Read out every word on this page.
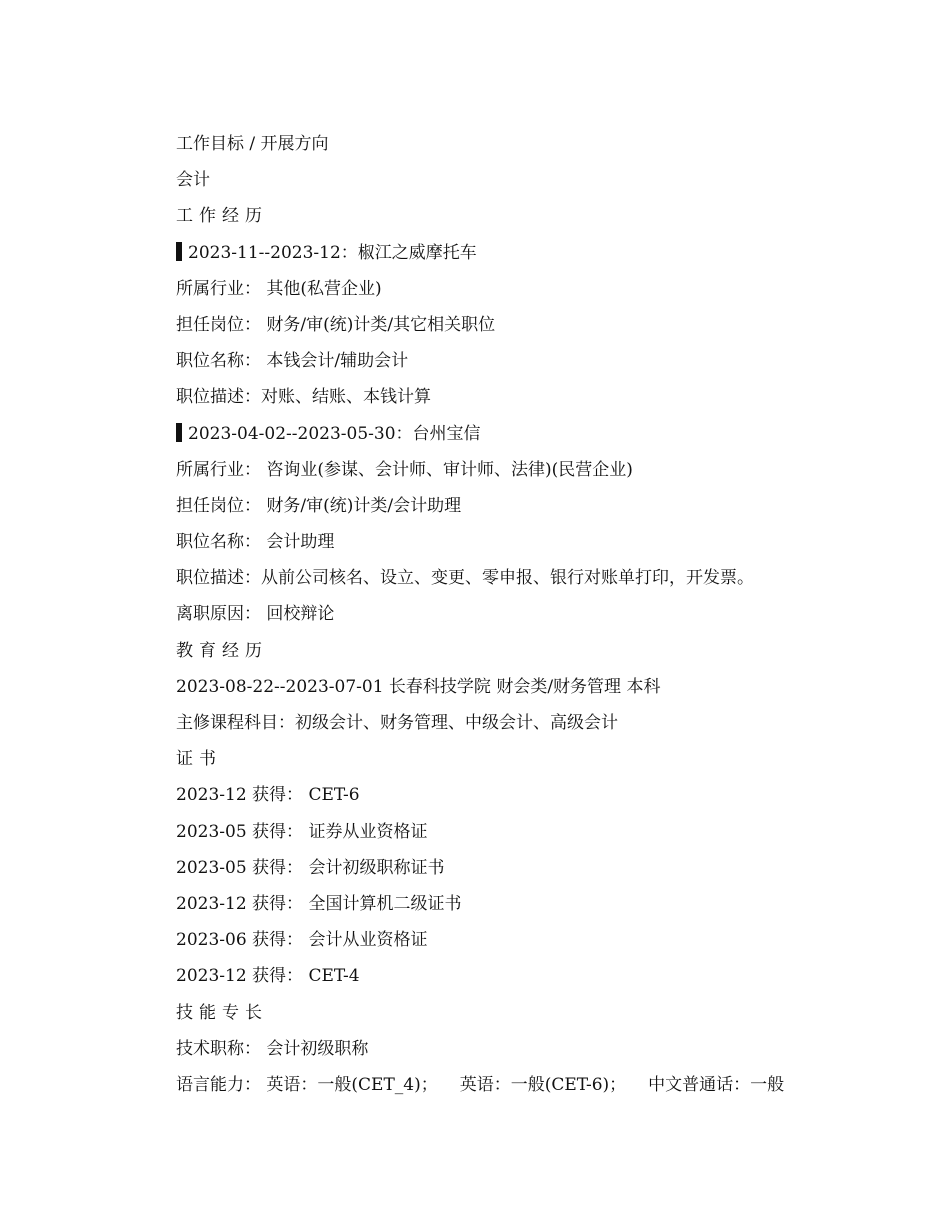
工作目标 / 开展方向
会计
工作经历
2023-11--2023-12：椒江之威摩托车
所属行业： 其他(私营企业)
担任岗位： 财务/审(统)计类/其它相关职位
职位名称： 本钱会计/辅助会计
职位描述：对账、结账、本钱计算
2023-04-02--2023-05-30：台州宝信
所属行业： 咨询业(参谋、会计师、审计师、法律)(民营企业)
担任岗位： 财务/审(统)计类/会计助理
职位名称： 会计助理
职位描述：从前公司核名、设立、变更、零申报、银行对账单打印，开发票。
离职原因： 回校辩论
教育经历
2023-08-22--2023-07-01 长春科技学院 财会类/财务管理 本科
主修课程科目：初级会计、财务管理、中级会计、高级会计
证书
2023-12 获得： CET-6
2023-05 获得： 证券从业资格证
2023-05 获得： 会计初级职称证书
2023-12 获得： 全国计算机二级证书
2023-06 获得： 会计从业资格证
2023-12 获得： CET-4
技能专长
技术职称： 会计初级职称
语言能力： 英语：一般(CET_4)； 英语：一般(CET-6)； 中文普通话：一般
